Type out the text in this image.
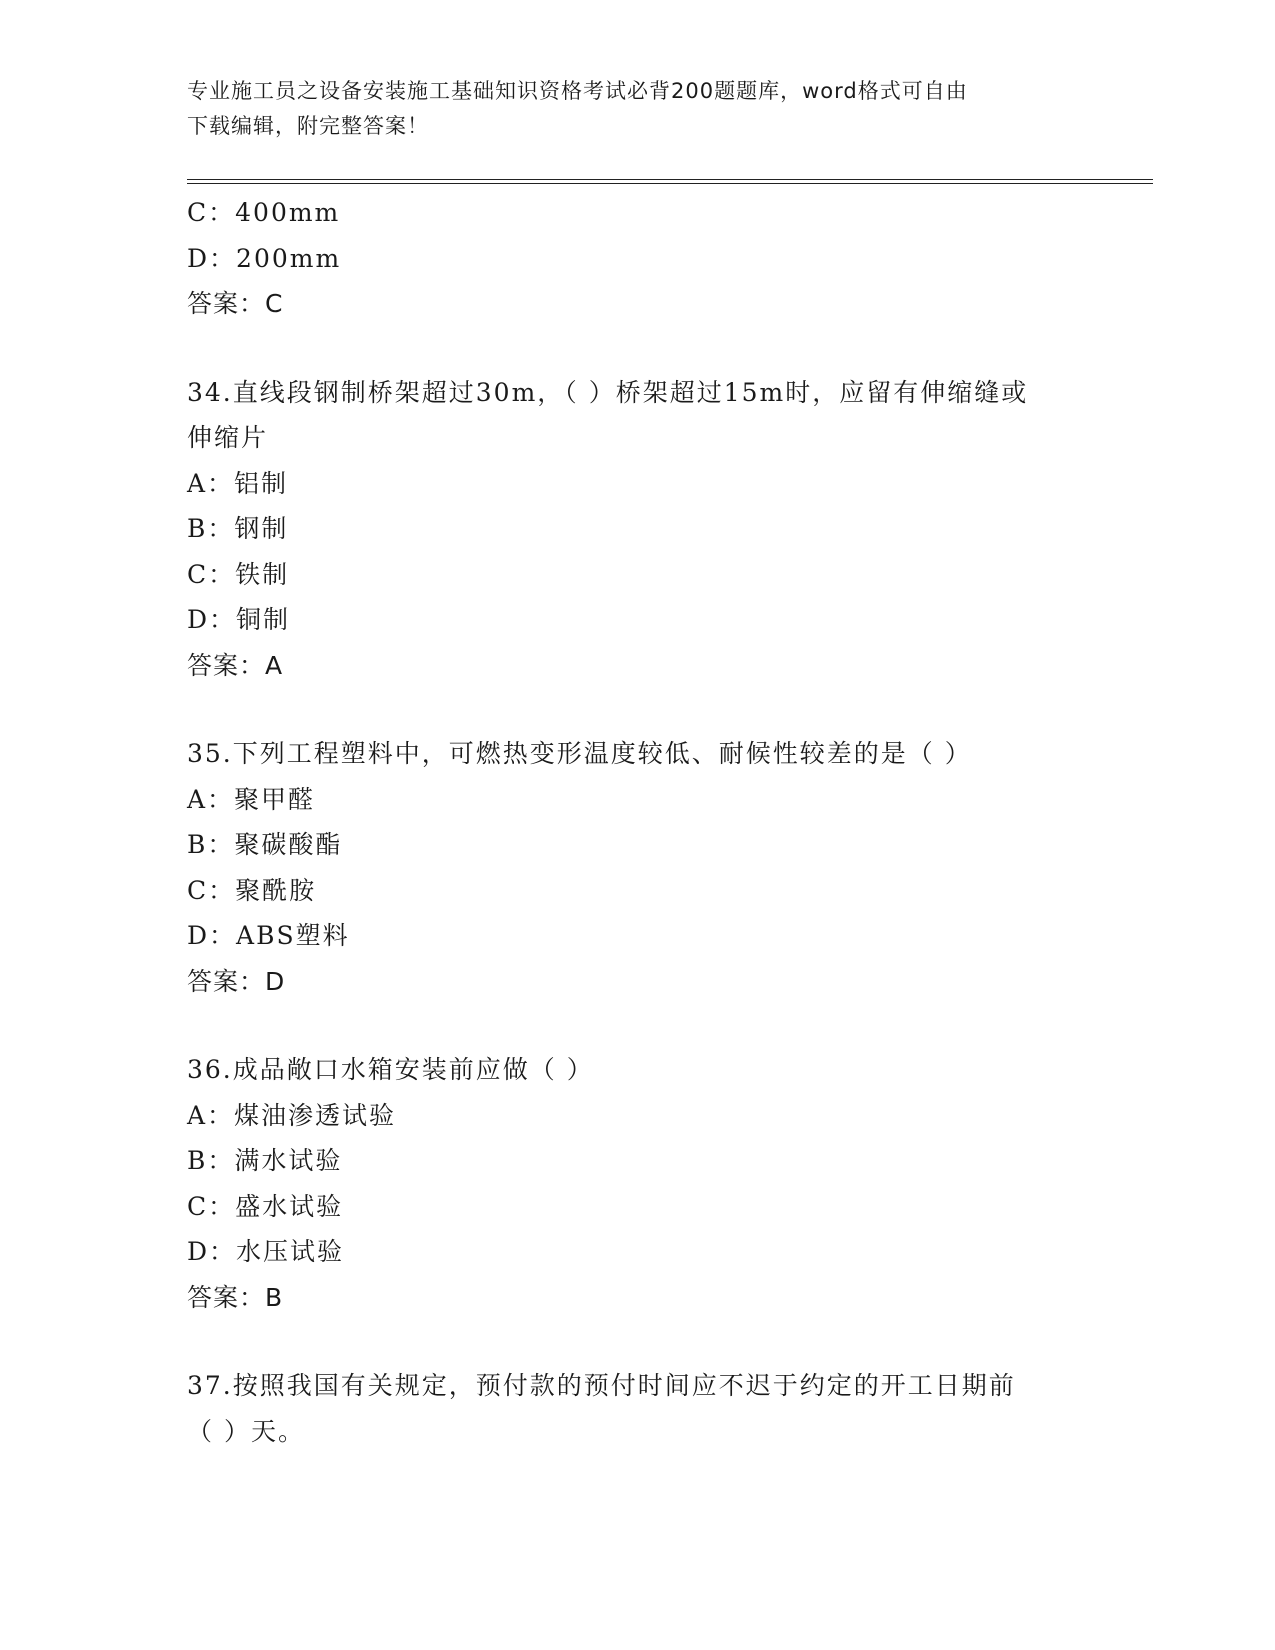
专业施工员之设备安装施工基础知识资格考试必背200题题库，word格式可自由
下载编辑，附完整答案！
C：400mm
D：200mm
答案：C
34.直线段钢制桥架超过30m，（ ）桥架超过15m时，应留有伸缩缝或
伸缩片
A：铝制
B：钢制
C：铁制
D：铜制
答案：A
35.下列工程塑料中，可燃热变形温度较低、耐候性较差的是（ ）
A：聚甲醛
B：聚碳酸酯
C：聚酰胺
D：ABS塑料
答案：D
36.成品敞口水箱安装前应做（ ）
A：煤油渗透试验
B：满水试验
C：盛水试验
D：水压试验
答案：B
37.按照我国有关规定，预付款的预付时间应不迟于约定的开工日期前
（ ）天。
